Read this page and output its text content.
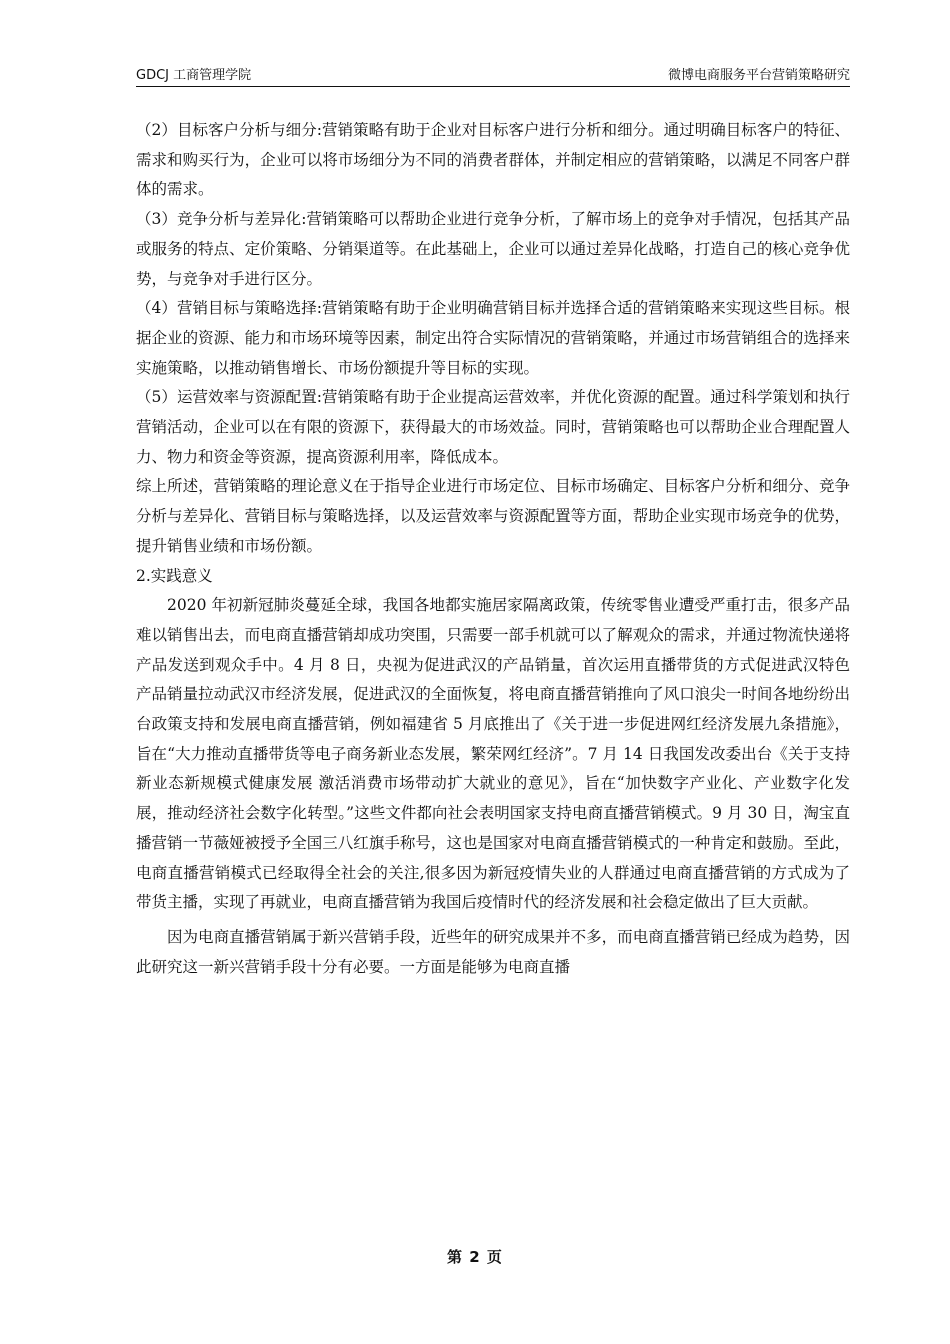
GDCJ 工商管理学院	微博电商服务平台营销策略研究

（2）目标客户分析与细分:营销策略有助于企业对目标客户进行分析和细分。通过明确目标客户的特征、需求和购买行为，企业可以将市场细分为不同的消费者群体，并制定相应的营销策略，以满足不同客户群体的需求。

（3）竞争分析与差异化:营销策略可以帮助企业进行竞争分析，了解市场上的竞争对手情况，包括其产品或服务的特点、定价策略、分销渠道等。在此基础上，企业可以通过差异化战略，打造自己的核心竞争优势，与竞争对手进行区分。

（4）营销目标与策略选择:营销策略有助于企业明确营销目标并选择合适的营销策略来实现这些目标。根据企业的资源、能力和市场环境等因素，制定出符合实际情况的营销策略，并通过市场营销组合的选择来实施策略，以推动销售增长、市场份额提升等目标的实现。

（5）运营效率与资源配置:营销策略有助于企业提高运营效率，并优化资源的配置。通过科学策划和执行营销活动，企业可以在有限的资源下，获得最大的市场效益。同时，营销策略也可以帮助企业合理配置人力、物力和资金等资源，提高资源利用率，降低成本。

综上所述，营销策略的理论意义在于指导企业进行市场定位、目标市场确定、目标客户分析和细分、竞争分析与差异化、营销目标与策略选择，以及运营效率与资源配置等方面，帮助企业实现市场竞争的优势，提升销售业绩和市场份额。

2.实践意义

2020 年初新冠肺炎蔓延全球，我国各地都实施居家隔离政策，传统零售业遭受严重打击，很多产品难以销售出去，而电商直播营销却成功突围，只需要一部手机就可以了解观众的需求，并通过物流快递将产品发送到观众手中。4 月 8 日，央视为促进武汉的产品销量，首次运用直播带货的方式促进武汉特色产品销量拉动武汉市经济发展，促进武汉的全面恢复，将电商直播营销推向了风口浪尖一时间各地纷纷出台政策支持和发展电商直播营销，例如福建省 5 月底推出了《关于进一步促进网红经济发展九条措施》，旨在“大力推动直播带货等电子商务新业态发展，繁荣网红经济”。7 月 14 日我国发改委出台《关于支持新业态新规模式健康发展 激活消费市场带动扩大就业的意见》，旨在“加快数字产业化、产业数字化发展，推动经济社会数字化转型。”这些文件都向社会表明国家支持电商直播营销模式。9 月 30 日，淘宝直播营销一节薇娅被授予全国三八红旗手称号，这也是国家对电商直播营销模式的一种肯定和鼓励。至此，电商直播营销模式已经取得全社会的关注,很多因为新冠疫情失业的人群通过电商直播营销的方式成为了带货主播，实现了再就业，电商直播营销为我国后疫情时代的经济发展和社会稳定做出了巨大贡献。

因为电商直播营销属于新兴营销手段，近些年的研究成果并不多，而电商直播营销已经成为趋势，因此研究这一新兴营销手段十分有必要。一方面是能够为电商直播

第 2 页
